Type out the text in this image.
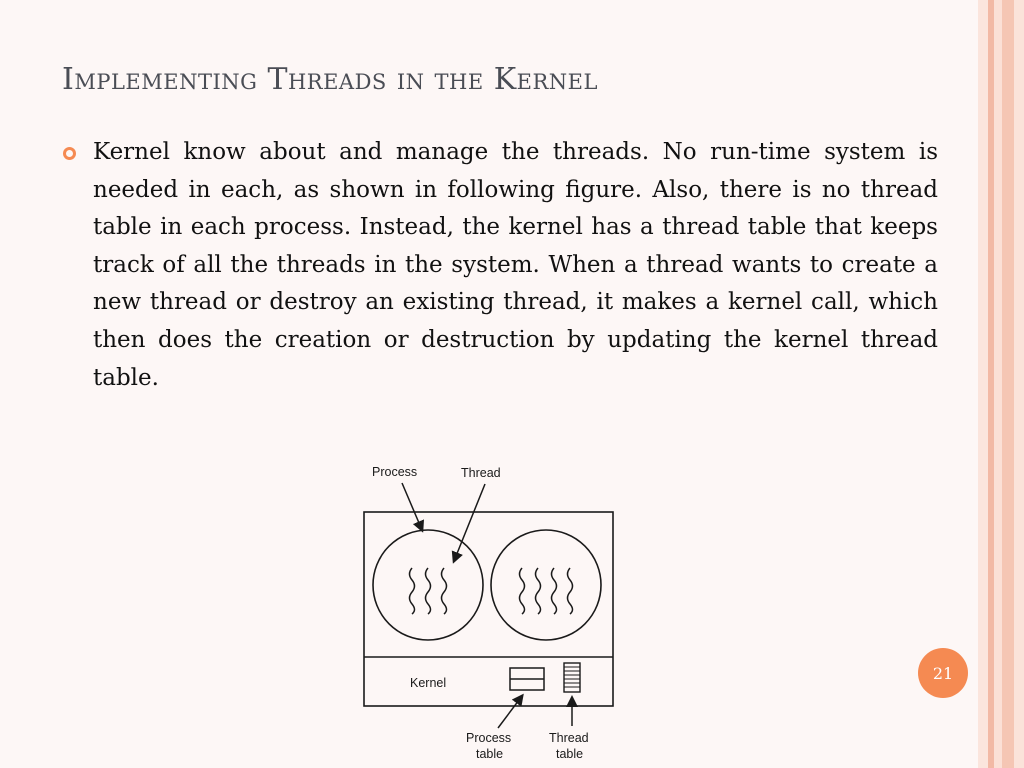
Implementing Threads in the Kernel

Kernel know about and manage the threads. No run-time system is needed in each, as shown in following figure. Also, there is no thread table in each process. Instead, the kernel has a thread table that keeps track of all the threads in the system. When a thread wants to create a new thread or destroy an existing thread, it makes a kernel call, which then does the creation or destruction by updating the kernel thread table.

Process	Thread
Kernel
Process
table
Thread
table
21
